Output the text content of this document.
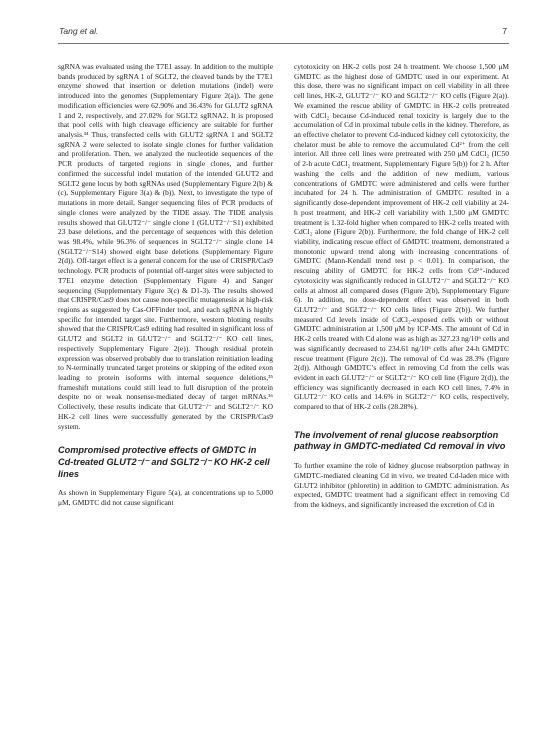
Tang et al.	7

sgRNA was evaluated using the T7E1 assay. In addition to the multiple bands produced by sgRNA 1 of SGLT2, the cleaved bands by the T7E1 enzyme showed that insertion or deletion mutations (indel) were introduced into the genomes (Supplementary Figure 2(a)). The gene modification efficiencies were 62.90% and 36.43% for GLUT2 sgRNA 1 and 2, respectively, and 27.02% for SGLT2 sgRNA2. It is proposed that pool cells with high cleavage efficiency are suitable for further analysis.³⁴ Thus, transfected cells with GLUT2 sgRNA 1 and SGLT2 sgRNA 2 were selected to isolate single clones for further validation and proliferation. Then, we analyzed the nucleotide sequences of the PCR products of targeted regions in single clones, and further confirmed the successful indel mutation of the intended GLUT2 and SGLT2 gene locus by both sgRNAs used (Supplementary Figure 2(b) & (c), Supplementary Figure 3(a) & (b)). Next, to investigate the type of mutations in more detail, Sanger sequencing files of PCR products of single clones were analyzed by the TIDE assay. The TIDE analysis results showed that GLUT2⁻/⁻ single clone 1 (GLUT2⁻/⁻S1) exhibited 23 base deletions, and the percentage of sequences with this deletion was 98.4%, while 96.3% of sequences in SGLT2⁻/⁻ single clone 14 (SGLT2⁻/⁻S14) showed eight base deletions (Supplementary Figure 2(d)). Off-target effect is a general concern for the use of CRISPR/Cas9 technology. PCR products of potential off-target sites were subjected to T7E1 enzyme detection (Supplementary Figure 4) and Sanger sequencing (Supplementary Figure 3(c) & D1-3). The results showed that CRISPR/Cas9 does not cause non-specific mutagenesis at high-risk regions as suggested by Cas-OFFinder tool, and each sgRNA is highly specific for intended target site. Furthermore, western blotting results showed that the CRISPR/Cas9 editing had resulted in significant loss of GLUT2 and SGLT2 in GLUT2⁻/⁻ and SGLT2⁻/⁻ KO cell lines, respectively Supplementary Figure 2(e)). Though residual protein expression was observed probably due to translation reinitiation leading to N-terminally truncated target proteins or skipping of the edited exon leading to protein isoforms with internal sequence deletions,³⁵ frameshift mutations could still lead to full disruption of the protein despite no or weak nonsense-mediated decay of target mRNAs.³⁶ Collectively, these results indicate that GLUT2⁻/⁻ and SGLT2⁻/⁻ KO HK-2 cell lines were successfully generated by the CRISPR/Cas9 system.

Compromised protective effects of GMDTC in Cd-treated GLUT2⁻/⁻ and SGLT2⁻/⁻ KO HK-2 cell lines

As shown in Supplementary Figure 5(a), at concentrations up to 5,000 μM, GMDTC did not cause significant

cytotoxicity on HK-2 cells post 24 h treatment. We choose 1,500 μM GMDTC as the highest dose of GMDTC used in our experiment. At this dose, there was no significant impact on cell viability in all three cell lines, HK-2, GLUT2⁻/⁻ KO and SGLT2⁻/⁻ KO cells (Figure 2(a)). We examined the rescue ability of GMDTC in HK-2 cells pretreated with CdCl₂ because Cd-induced renal toxicity is largely due to the accumulation of Cd in proximal tubule cells in the kidney. Therefore, as an effective chelator to prevent Cd-induced kidney cell cytotoxicity, the chelator must be able to remove the accumulated Cd²⁺ from the cell interior. All three cell lines were pretreated with 250 μM CdCl₂ (IC50 of 2-h acute CdCl₂ treatment, Supplementary Figure 5(b)) for 2 h. After washing the cells and the addition of new medium, various concentrations of GMDTC were administered and cells were further incubated for 24 h. The administration of GMDTC resulted in a significantly dose-dependent improvement of HK-2 cell viability at 24-h post treatment, and HK-2 cell variability with 1,500 μM GMDTC treatment is 1.32-fold higher when compared to HK-2 cells treated with CdCl₂ alone (Figure 2(b)). Furthermore, the fold change of HK-2 cell viability, indicating rescue effect of GMDTC treatment, demonstrated a monotonic upward trend along with increasing concentrations of GMDTC (Mann-Kendall trend test p < 0.01). In comparison, the rescuing ability of GMDTC for HK-2 cells from Cd²⁺-induced cytotoxicity was significantly reduced in GLUT2⁻/⁻ and SGLT2⁻/⁻ KO cells at almost all compared doses (Figure 2(b), Supplementary Figure 6). In addition, no dose-dependent effect was observed in both GLUT2⁻/⁻ and SGLT2⁻/⁻ KO cells lines (Figure 2(b)). We further measured Cd levels inside of CdCl₂-exposed cells with or without GMDTC administration at 1,500 μM by ICP-MS. The amount of Cd in HK-2 cells treated with Cd alone was as high as 327.23 ng/10⁶ cells and was significantly decreased to 234.61 ng/10⁶ cells after 24-h GMDTC rescue treatment (Figure 2(c)). The removal of Cd was 28.3% (Figure 2(d)). Although GMDTC’s effect in removing Cd from the cells was evident in each GLUT2⁻/⁻ or SGLT2⁻/⁻ KO cell line (Figure 2(d)), the efficiency was significantly decreased in each KO cell lines, 7.4% in GLUT2⁻/⁻ KO cells and 14.6% in SGLT2⁻/⁻ KO cells, respectively, compared to that of HK-2 cells (28.28%).

The involvement of renal glucose reabsorption pathway in GMDTC-mediated Cd removal in vivo

To further examine the role of kidney glucose reabsorption pathway in GMDTC-mediated cleaning Cd in vivo, we treated Cd-laden mice with GLUT2 inhibitor (phloretin) in addition to GMDTC administration. As expected, GMDTC treatment had a significant effect in removing Cd from the kidneys, and significantly increased the excretion of Cd in
